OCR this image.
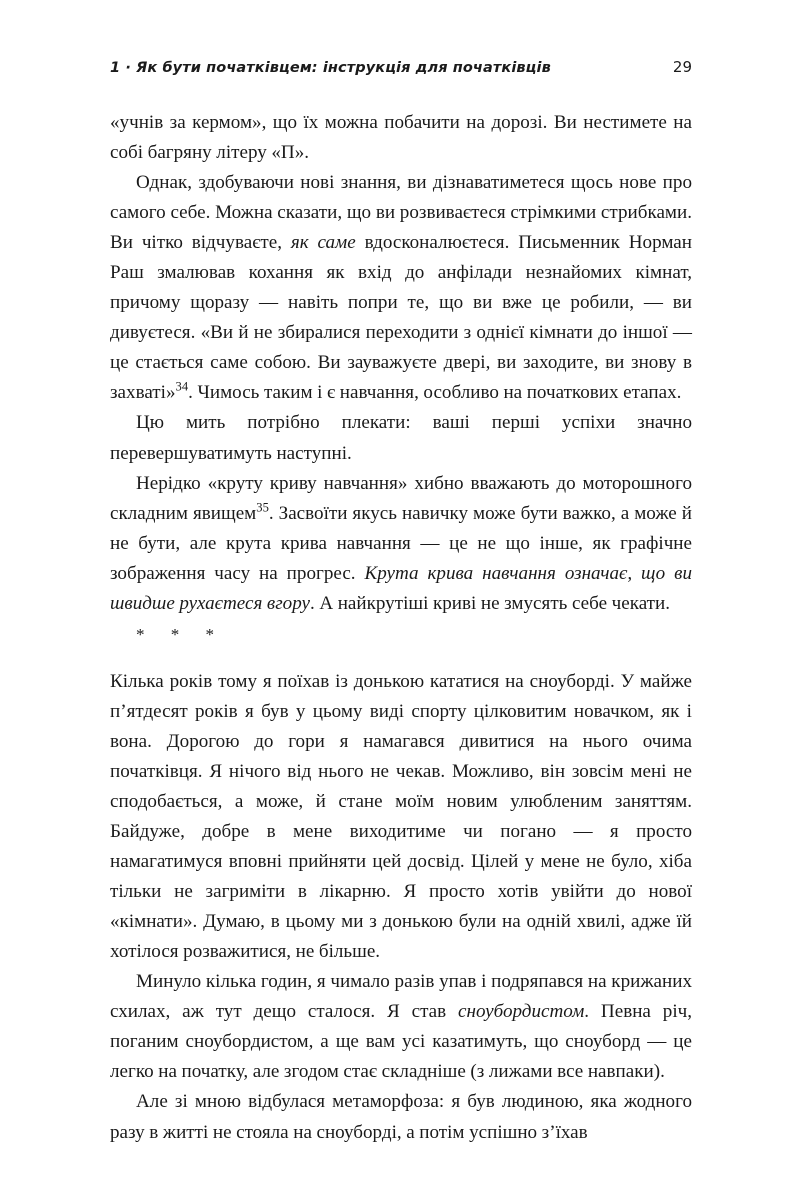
1 · Як бути початківцем: інструкція для початківців	29

«учнів за кермом», що їх можна побачити на дорозі. Ви нестимете на собі багряну літеру «П».

Однак, здобуваючи нові знання, ви дізнаватиметеся щось нове про самого себе. Можна сказати, що ви розвиваєтеся стрімкими стрибками. Ви чітко відчуваєте, як саме вдосконалюєтеся. Письменник Норман Раш змалював кохання як вхід до анфілади незнайомих кімнат, причому щоразу — навіть попри те, що ви вже це робили, — ви дивуєтеся. «Ви й не збиралися переходити з однієї кімнати до іншої — це стається саме собою. Ви зауважуєте двері, ви заходите, ви знову в захваті»$^{34}$. Чимось таким і є навчання, особливо на початкових етапах.

Цю мить потрібно плекати: ваші перші успіхи значно перевершуватимуть наступні.

Нерідко «круту криву навчання» хибно вважають до моторошного складним явищем$^{35}$. Засвоїти якусь навичку може бути важко, а може й не бути, але крута крива навчання — це не що інше, як графічне зображення часу на прогрес. Крута крива навчання означає, що ви швидше рухаєтеся вгору. А найкрутіші криві не змусять себе чекати.

* * *

Кілька років тому я поїхав із донькою кататися на сноуборді. У майже п’ятдесят років я був у цьому виді спорту цілковитим новачком, як і вона. Дорогою до гори я намагався дивитися на нього очима початківця. Я нічого від нього не чекав. Можливо, він зовсім мені не сподобається, а може, й стане моїм новим улюбленим заняттям. Байдуже, добре в мене виходитиме чи погано — я просто намагатимуся вповні прийняти цей досвід. Цілей у мене не було, хіба тільки не загриміти в лікарню. Я просто хотів увійти до нової «кімнати». Думаю, в цьому ми з донькою були на одній хвилі, адже їй хотілося розважитися, не більше.

Минуло кілька годин, я чимало разів упав і подряпався на крижаних схилах, аж тут дещо сталося. Я став сноубордистом. Певна річ, поганим сноубордистом, а ще вам усі казатимуть, що сноуборд — це легко на початку, але згодом стає складніше (з лижами все навпаки).

Але зі мною відбулася метаморфоза: я був людиною, яка жодного разу в житті не стояла на сноуборді, а потім успішно з’їхав
